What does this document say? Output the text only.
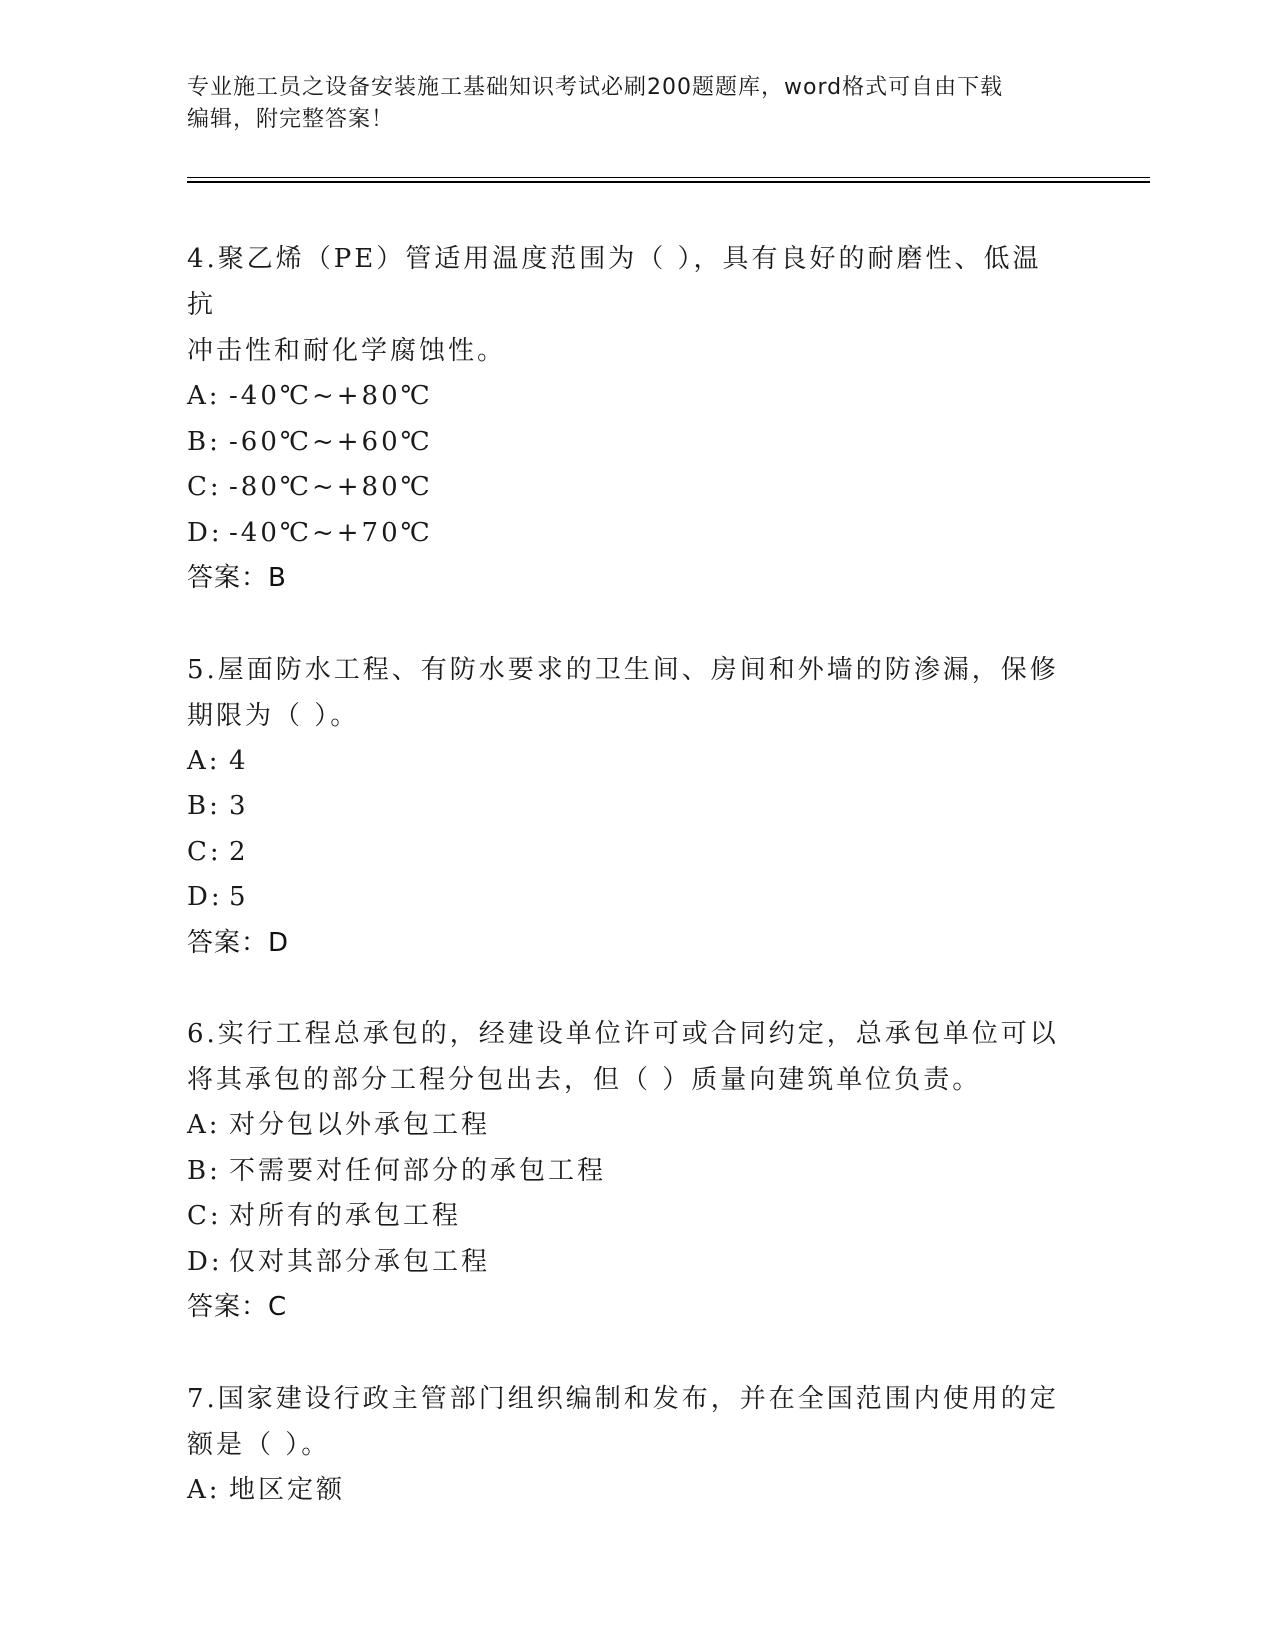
专业施工员之设备安装施工基础知识考试必刷200题题库，word格式可自由下载
编辑，附完整答案！
4.聚乙烯（PE）管适用温度范围为（ ），具有良好的耐磨性、低温抗
冲击性和耐化学腐蚀性。
A: -40℃~+80℃
B: -60℃~+60℃
C: -80℃~+80℃
D: -40℃~+70℃
答案：B
5.屋面防水工程、有防水要求的卫生间、房间和外墙的防渗漏，保修
期限为（ ）。
A: 4
B: 3
C: 2
D: 5
答案：D
6.实行工程总承包的，经建设单位许可或合同约定，总承包单位可以
将其承包的部分工程分包出去，但（ ）质量向建筑单位负责。
A: 对分包以外承包工程
B: 不需要对任何部分的承包工程
C: 对所有的承包工程
D: 仅对其部分承包工程
答案：C
7.国家建设行政主管部门组织编制和发布，并在全国范围内使用的定
额是（ ）。
A: 地区定额
